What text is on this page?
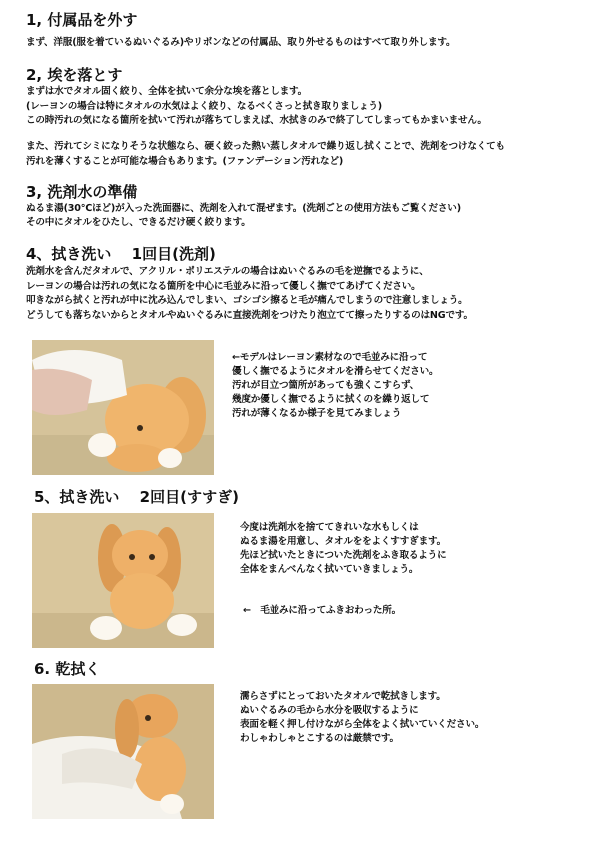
1, 付属品を外す
まず、洋服(服を着ているぬいぐるみ)やリボンなどの付属品、取り外せるものはすべて取り外します。
2, 埃を落とす
まずは水でタオル固く絞り、全体を拭いて余分な埃を落とします。
(レーヨンの場合は特にタオルの水気はよく絞り、なるべくさっと拭き取りましょう)
この時汚れの気になる箇所を拭いて汚れが落ちてしまえば、水拭きのみで終了してしまってもかまいません。
また、汚れてシミになりそうな状態なら、硬く絞った熱い蒸しタオルで繰り返し拭くことで、洗剤をつけなくても
汚れを薄くすることが可能な場合もあります。(ファンデーション汚れなど)
3, 洗剤水の準備
ぬるま湯(30℃ほど)が入った洗面器に、洗剤を入れて混ぜます。(洗剤ごとの使用方法もご覧ください)
その中にタオルをひたし、できるだけ硬く絞ります。
4、拭き洗い　 1回目(洗剤)
洗剤水を含んだタオルで、アクリル・ポリエステルの場合はぬいぐるみの毛を逆撫でるように、
レーヨンの場合は汚れの気になる箇所を中心に毛並みに沿って優しく撫でてあげてください。
叩きながら拭くと汚れが中に沈み込んでしまい、ゴシゴシ擦ると毛が痛んでしまうので注意しましょう。
どうしても落ちないからとタオルやぬいぐるみに直接洗剤をつけたり泡立てて擦ったりするのはNGです。
←モデルはレーヨン素材なので毛並みに沿って
優しく撫でるようにタオルを滑らせてください。
汚れが目立つ箇所があっても強くこすらず、
幾度か優しく撫でるように拭くのを繰り返して
汚れが薄くなるか様子を見てみましょう
5、拭き洗い　 2回目(すすぎ)
今度は洗剤水を捨ててきれいな水もしくは
ぬるま湯を用意し、タオルををよくすすぎます。
先ほど拭いたときについた洗剤をふき取るように
全体をまんべんなく拭いていきましょう。
←　毛並みに沿ってふきおわった所。
6. 乾拭く
濡らさずにとっておいたタオルで乾拭きします。
ぬいぐるみの毛から水分を吸収するように
表面を軽く押し付けながら全体をよく拭いていください。
わしゃわしゃとこするのは厳禁です。
